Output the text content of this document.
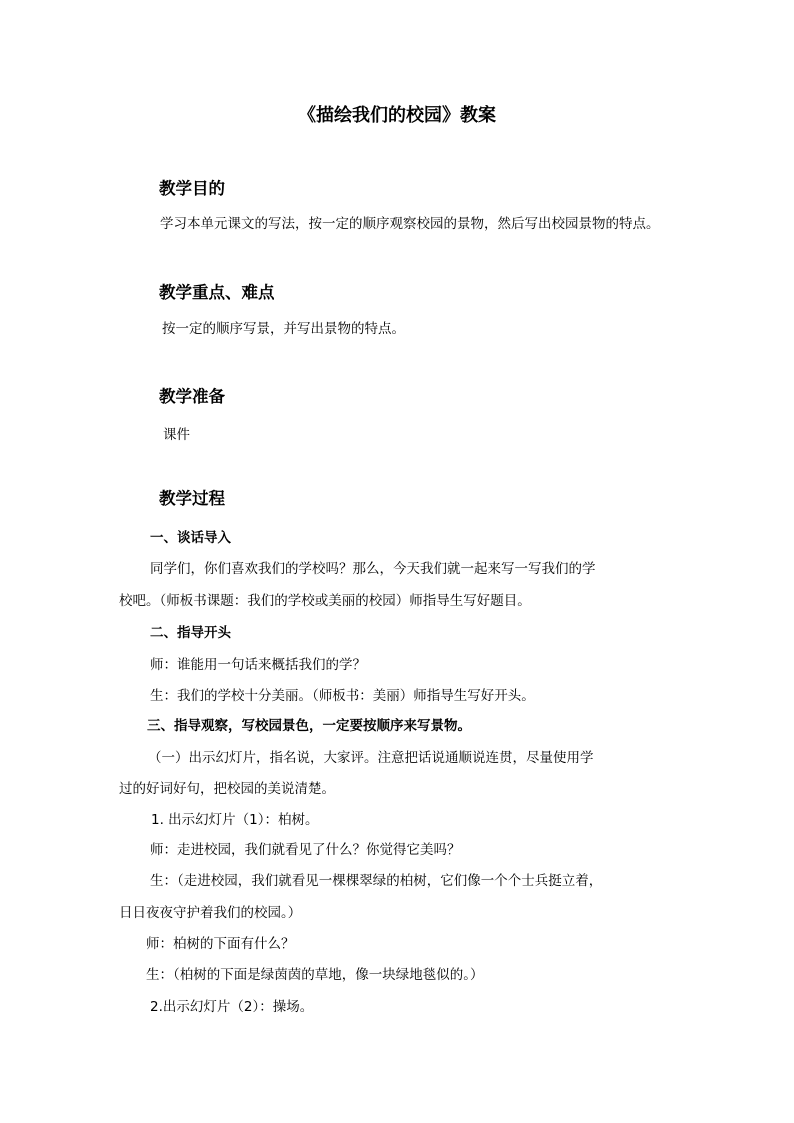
《描绘我们的校园》教案
教学目的
学习本单元课文的写法，按一定的顺序观察校园的景物，然后写出校园景物的特点。
教学重点、难点
按一定的顺序写景，并写出景物的特点。
教学准备
课件
教学过程
一、谈话导入
同学们，你们喜欢我们的学校吗？那么，今天我们就一起来写一写我们的学
校吧。（师板书课题：我们的学校或美丽的校园）师指导生写好题目。
二、指导开头
师：谁能用一句话来概括我们的学？
生：我们的学校十分美丽。（师板书：美丽）师指导生写好开头。
三、指导观察，写校园景色，一定要按顺序来写景物。
（一）出示幻灯片，指名说，大家评。注意把话说通顺说连贯，尽量使用学
过的好词好句，把校园的美说清楚。
1. 出示幻灯片（1）：柏树。
师：走进校园，我们就看见了什么？你觉得它美吗？
生：（走进校园，我们就看见一棵棵翠绿的柏树，它们像一个个士兵挺立着，
日日夜夜守护着我们的校园。）
师：柏树的下面有什么？
生：（柏树的下面是绿茵茵的草地，像一块绿地毯似的。）
2.出示幻灯片（2）：操场。
